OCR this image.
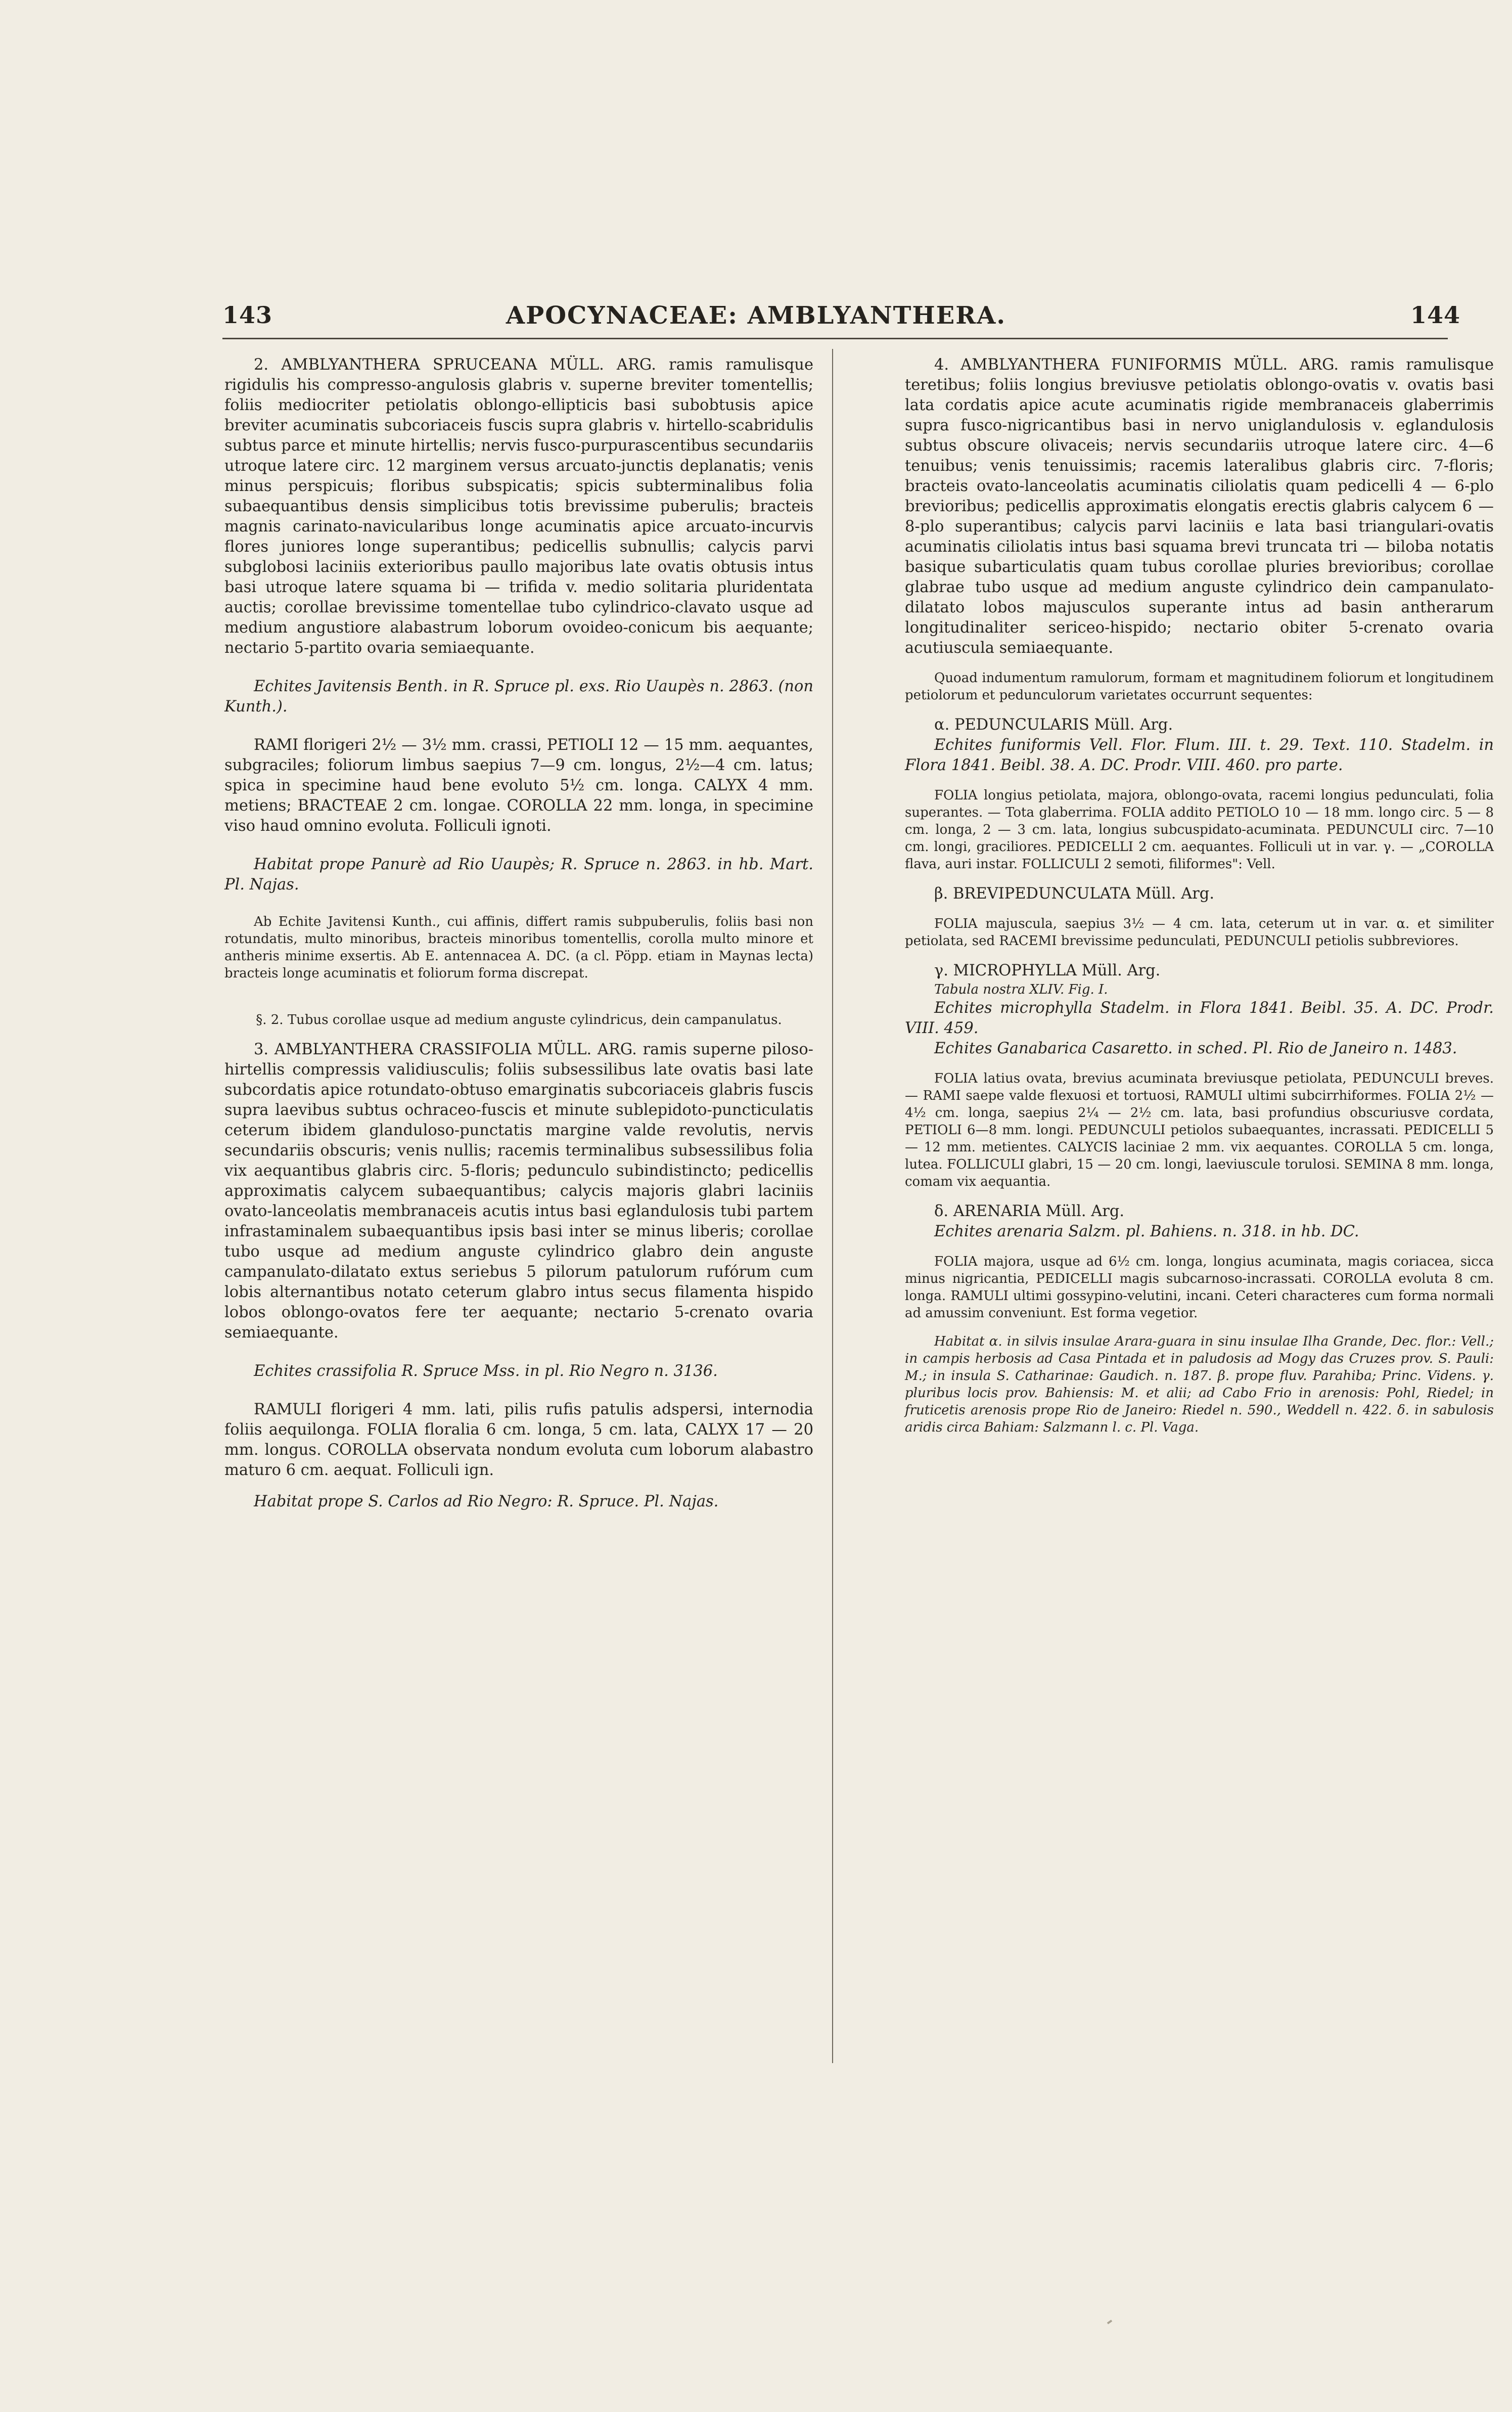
143	APOCYNACEAE: AMBLYANTHERA.	144

2. AMBLYANTHERA SPRUCEANA MÜLL. ARG. ramis ramulisque rigidulis his compresso-angulosis glabris v. superne breviter tomentellis; foliis mediocriter petiolatis oblongo-ellipticis basi subobtusis apice breviter acuminatis subcoriaceis fuscis supra glabris v. hirtello-scabridulis subtus parce et minute hirtellis; nervis fusco-purpurascentibus secundariis utroque latere circ. 12 marginem versus arcuato-junctis deplanatis; venis minus perspicuis; floribus subspicatis; spicis subterminalibus folia subaequantibus densis simplicibus totis brevissime puberulis; bracteis magnis carinato-navicularibus longe acuminatis apice arcuato-incurvis flores juniores longe superantibus; pedicellis subnullis; calycis parvi subglobosi laciniis exterioribus paullo majoribus late ovatis obtusis intus basi utroque latere squama bi — trifida v. medio solitaria pluridentata auctis; corollae brevissime tomentellae tubo cylindrico-clavato usque ad medium angustiore alabastrum loborum ovoideo-conicum bis aequante; nectario 5-partito ovaria semiaequante.

Echites Javitensis Benth. in R. Spruce pl. exs. Rio Uaupès n. 2863. (non Kunth.).

RAMI florigeri 2½ — 3½ mm. crassi, PETIOLI 12 — 15 mm. aequantes, subgraciles; foliorum limbus saepius 7—9 cm. longus, 2½—4 cm. latus; spica in specimine haud bene evoluto 5½ cm. longa. CALYX 4 mm. metiens; BRACTEAE 2 cm. longae. COROLLA 22 mm. longa, in specimine viso haud omnino evoluta. Folliculi ignoti.

Habitat prope Panurè ad Rio Uaupès; R. Spruce n. 2863. in hb. Mart. Pl. Najas.

Ab Echite Javitensi Kunth., cui affinis, differt ramis subpuberulis, foliis basi non rotundatis, multo minoribus, bracteis minoribus tomentellis, corolla multo minore et antheris minime exsertis. Ab E. antennacea A. DC. (a cl. Pöpp. etiam in Maynas lecta) bracteis longe acuminatis et foliorum forma discrepat.

§. 2. Tubus corollae usque ad medium anguste cylindricus, dein campanulatus.

3. AMBLYANTHERA CRASSIFOLIA MÜLL. ARG. ramis superne piloso-hirtellis compressis validiusculis; foliis subsessilibus late ovatis basi late subcordatis apice rotundato-obtuso emarginatis subcoriaceis glabris fuscis supra laevibus subtus ochraceo-fuscis et minute sublepidoto-puncticulatis ceterum ibidem glanduloso-punctatis margine valde revolutis, nervis secundariis obscuris; venis nullis; racemis terminalibus subsessilibus folia vix aequantibus glabris circ. 5-floris; pedunculo subindistincto; pedicellis approximatis calycem subaequantibus; calycis majoris glabri laciniis ovato-lanceolatis membranaceis acutis intus basi eglandulosis tubi partem infrastaminalem subaequantibus ipsis basi inter se minus liberis; corollae tubo usque ad medium anguste cylindrico glabro dein anguste campanulato-dilatato extus seriebus 5 pilorum patulorum rufórum cum lobis alternantibus notato ceterum glabro intus secus filamenta hispido lobos oblongo-ovatos fere ter aequante; nectario 5-crenato ovaria semiaequante.

Echites crassifolia R. Spruce Mss. in pl. Rio Negro n. 3136.

RAMULI florigeri 4 mm. lati, pilis rufis patulis adspersi, internodia foliis aequilonga. FOLIA floralia 6 cm. longa, 5 cm. lata, CALYX 17 — 20 mm. longus. COROLLA observata nondum evoluta cum loborum alabastro maturo 6 cm. aequat. Folliculi ign.

Habitat prope S. Carlos ad Rio Negro: R. Spruce. Pl. Najas.

4. AMBLYANTHERA FUNIFORMIS MÜLL. ARG. ramis ramulisque teretibus; foliis longius breviusve petiolatis oblongo-ovatis v. ovatis basi lata cordatis apice acute acuminatis rigide membranaceis glaberrimis supra fusco-nigricantibus basi in nervo uniglandulosis v. eglandulosis subtus obscure olivaceis; nervis secundariis utroque latere circ. 4—6 tenuibus; venis tenuissimis; racemis lateralibus glabris circ. 7-floris; bracteis ovato-lanceolatis acuminatis ciliolatis quam pedicelli 4 — 6-plo brevioribus; pedicellis approximatis elongatis erectis glabris calycem 6 — 8-plo superantibus; calycis parvi laciniis e lata basi triangulari-ovatis acuminatis ciliolatis intus basi squama brevi truncata tri — biloba notatis basique subarticulatis quam tubus corollae pluries brevioribus; corollae glabrae tubo usque ad medium anguste cylindrico dein campanulato-dilatato lobos majusculos superante intus ad basin antherarum longitudinaliter sericeo-hispido; nectario obiter 5-crenato ovaria acutiuscula semiaequante.

Quoad indumentum ramulorum, formam et magnitudinem foliorum et longitudinem petiolorum et pedunculorum varietates occurrunt sequentes:

α. PEDUNCULARIS Müll. Arg.

Echites funiformis Vell. Flor. Flum. III. t. 29. Text. 110. Stadelm. in Flora 1841. Beibl. 38. A. DC. Prodr. VIII. 460. pro parte.

FOLIA longius petiolata, majora, oblongo-ovata, racemi longius pedunculati, folia superantes. — Tota glaberrima. FOLIA addito PETIOLO 10 — 18 mm. longo circ. 5 — 8 cm. longa, 2 — 3 cm. lata, longius subcuspidato-acuminata. PEDUNCULI circ. 7—10 cm. longi, graciliores. PEDICELLI 2 cm. aequantes. Folliculi ut in var. γ. — „COROLLA flava, auri instar. FOLLICULI 2 semoti, filiformes": Vell.

β. BREVIPEDUNCULATA Müll. Arg.

FOLIA majuscula, saepius 3½ — 4 cm. lata, ceterum ut in var. α. et similiter petiolata, sed RACEMI brevissime pedunculati, PEDUNCULI petiolis subbreviores.

γ. MICROPHYLLA Müll. Arg.

Tabula nostra XLIV. Fig. I.

Echites microphylla Stadelm. in Flora 1841. Beibl. 35. A. DC. Prodr. VIII. 459.

Echites Ganabarica Casaretto. in sched. Pl. Rio de Janeiro n. 1483.

FOLIA latius ovata, brevius acuminata breviusque petiolata, PEDUNCULI breves. — RAMI saepe valde flexuosi et tortuosi, RAMULI ultimi subcirrhiformes. FOLIA 2½ — 4½ cm. longa, saepius 2¼ — 2½ cm. lata, basi profundius obscuriusve cordata, PETIOLI 6—8 mm. longi. PEDUNCULI petiolos subaequantes, incrassati. PEDICELLI 5 — 12 mm. metientes. CALYCIS laciniae 2 mm. vix aequantes. COROLLA 5 cm. longa, lutea. FOLLICULI glabri, 15 — 20 cm. longi, laeviuscule torulosi. SEMINA 8 mm. longa, comam vix aequantia.

δ. ARENARIA Müll. Arg.

Echites arenaria Salzm. pl. Bahiens. n. 318. in hb. DC.

FOLIA majora, usque ad 6½ cm. longa, longius acuminata, magis coriacea, sicca minus nigricantia, PEDICELLI magis subcarnoso-incrassati. COROLLA evoluta 8 cm. longa. RAMULI ultimi gossypino-velutini, incani. Ceteri characteres cum forma normali ad amussim conveniunt. Est forma vegetior.

Habitat α. in silvis insulae Arara-guara in sinu insulae Ilha Grande, Dec. flor.: Vell.; in campis herbosis ad Casa Pintada et in paludosis ad Mogy das Cruzes prov. S. Pauli: M.; in insula S. Catharinae: Gaudich. n. 187. β. prope fluv. Parahiba; Princ. Videns. γ. pluribus locis prov. Bahiensis: M. et alii; ad Cabo Frio in arenosis: Pohl, Riedel; in fruticetis arenosis prope Rio de Janeiro: Riedel n. 590., Weddell n. 422. δ. in sabulosis aridis circa Bahiam: Salzmann l. c. Pl. Vaga.
